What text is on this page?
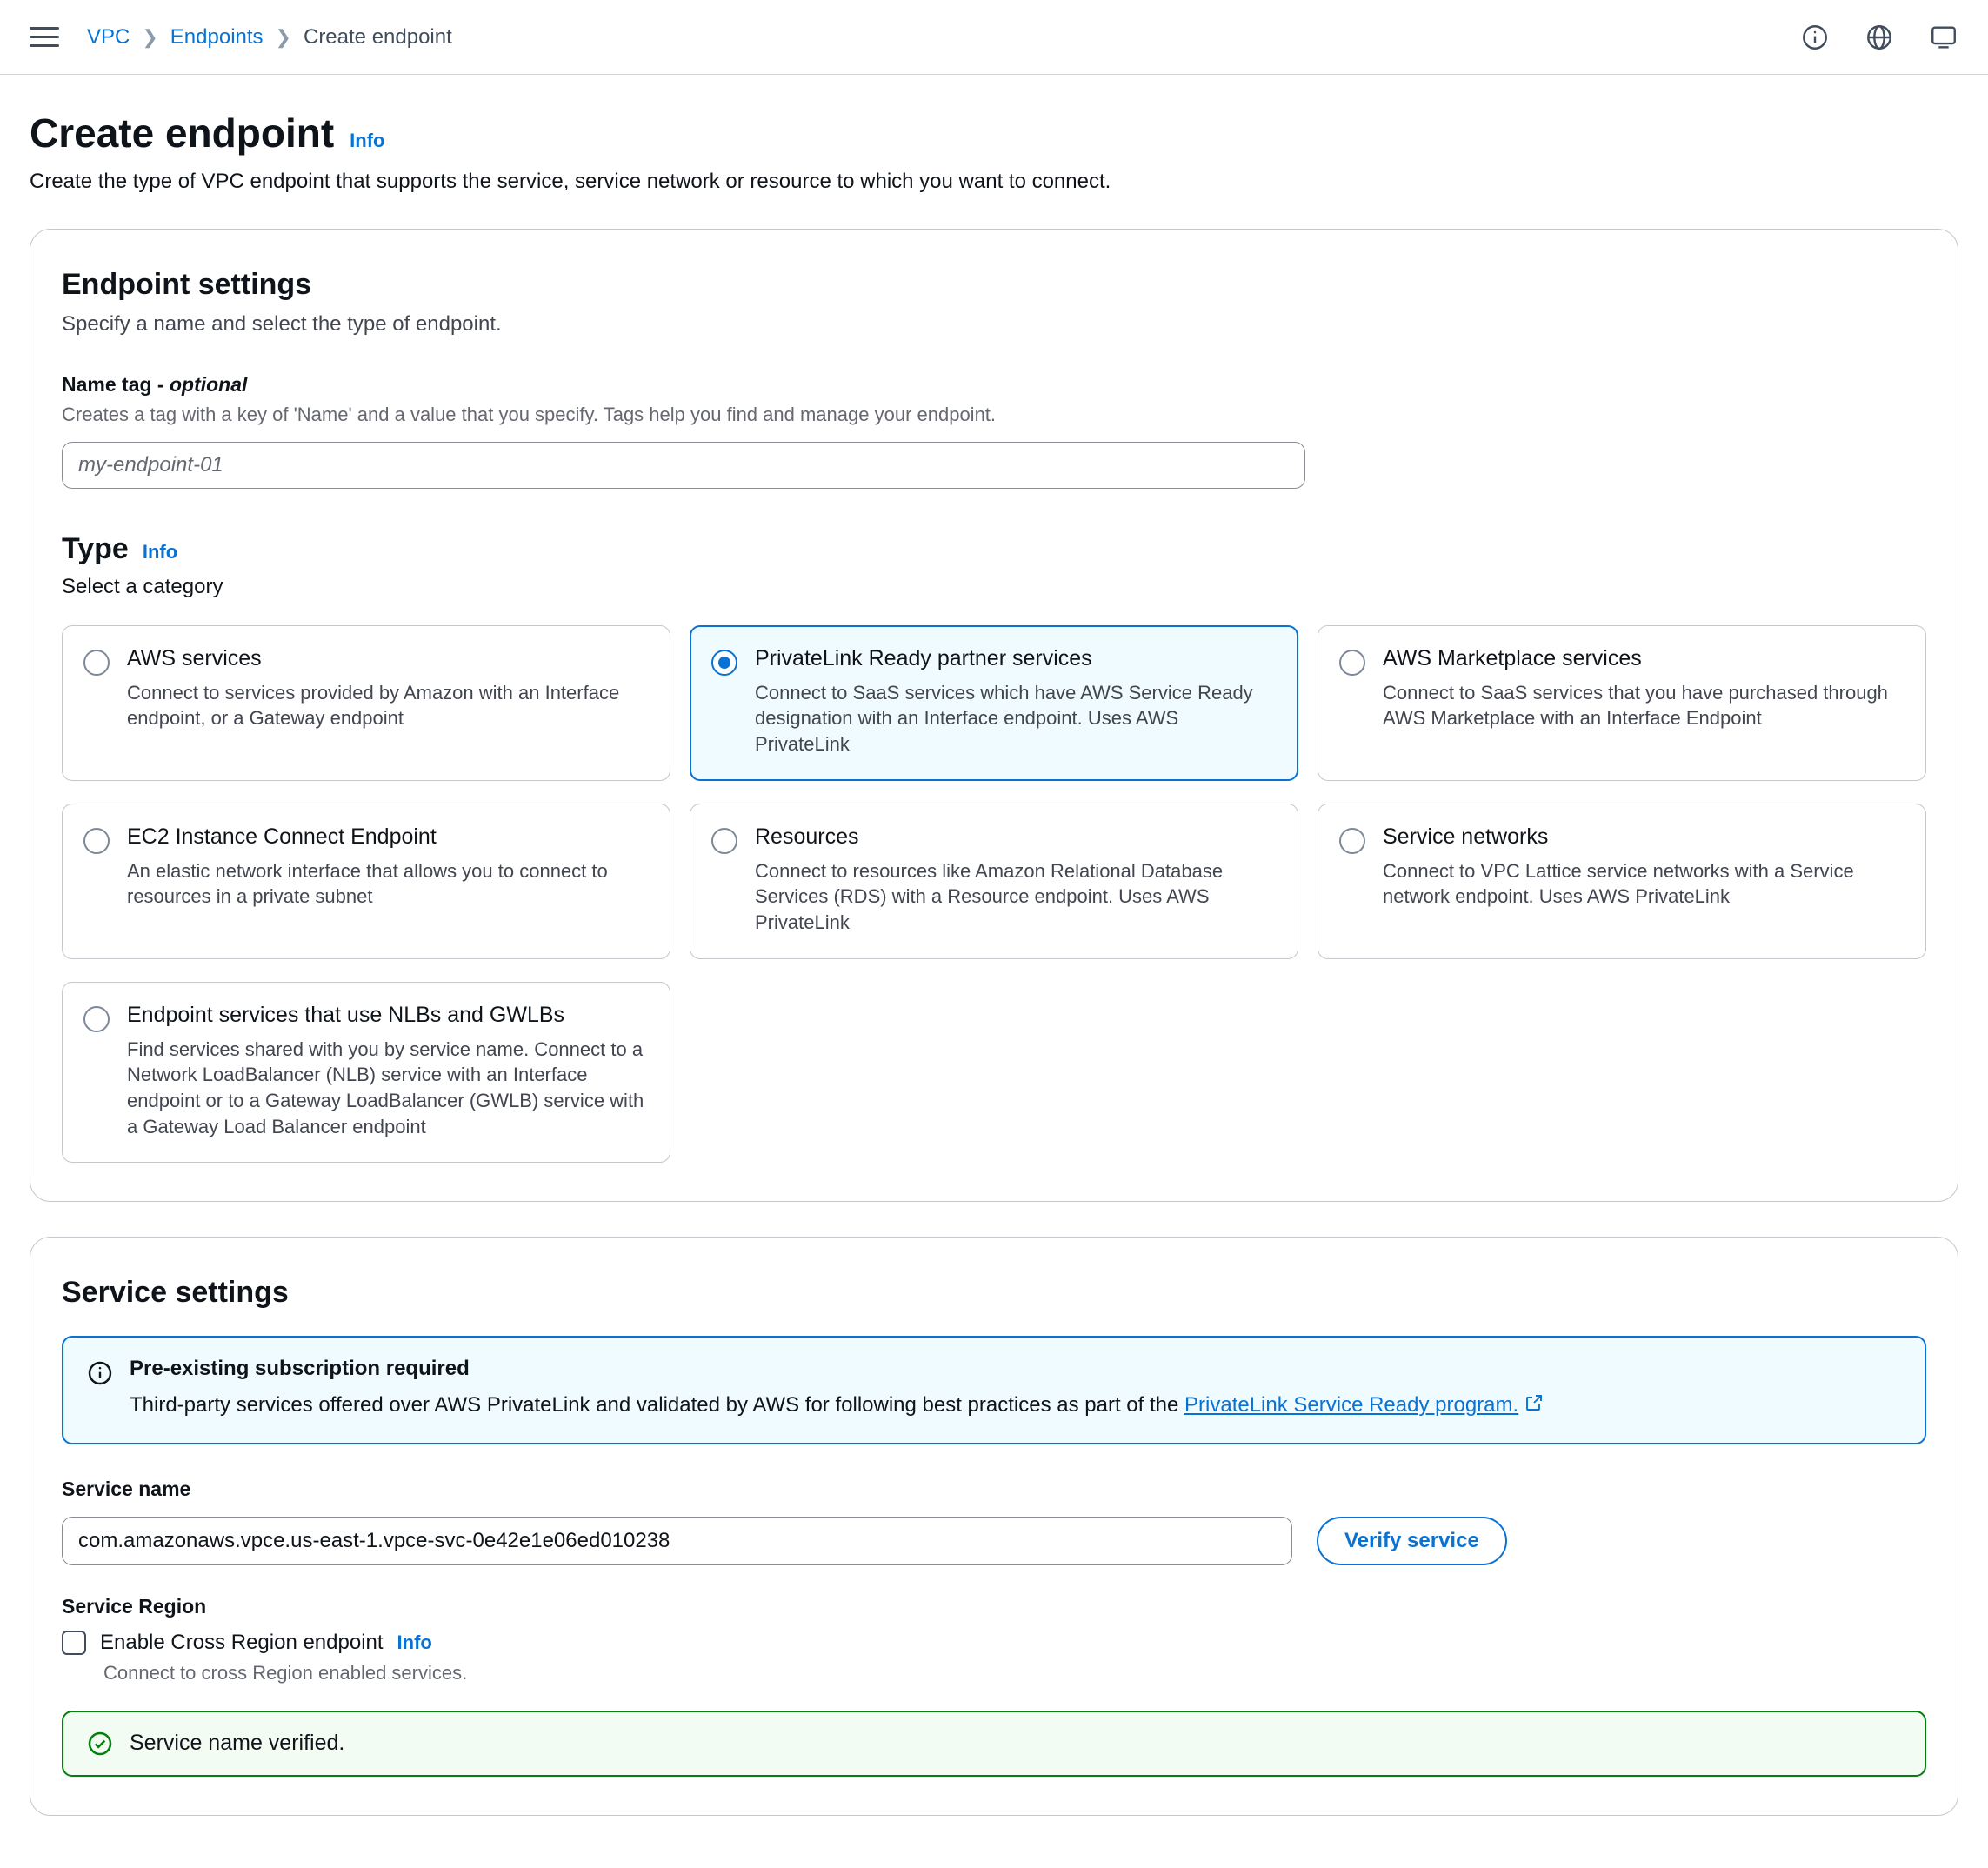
VPC ❯ Endpoints ❯ Create endpoint
Create endpoint Info
Create the type of VPC endpoint that supports the service, service network or resource to which you want to connect.
Endpoint settings
Specify a name and select the type of endpoint.
Name tag - optional
Creates a tag with a key of 'Name' and a value that you specify. Tags help you find and manage your endpoint.
my-endpoint-01
Type Info
Select a category
AWS services
Connect to services provided by Amazon with an Interface endpoint, or a Gateway endpoint
PrivateLink Ready partner services
Connect to SaaS services which have AWS Service Ready designation with an Interface endpoint. Uses AWS PrivateLink
AWS Marketplace services
Connect to SaaS services that you have purchased through AWS Marketplace with an Interface Endpoint
EC2 Instance Connect Endpoint
An elastic network interface that allows you to connect to resources in a private subnet
Resources
Connect to resources like Amazon Relational Database Services (RDS) with a Resource endpoint. Uses AWS PrivateLink
Service networks
Connect to VPC Lattice service networks with a Service network endpoint. Uses AWS PrivateLink
Endpoint services that use NLBs and GWLBs
Find services shared with you by service name. Connect to a Network LoadBalancer (NLB) service with an Interface endpoint or to a Gateway LoadBalancer (GWLB) service with a Gateway Load Balancer endpoint
Service settings
Pre-existing subscription required
Third-party services offered over AWS PrivateLink and validated by AWS for following best practices as part of the PrivateLink Service Ready program.
Service name
com.amazonaws.vpce.us-east-1.vpce-svc-0e42e1e06ed010238
Verify service
Service Region
Enable Cross Region endpoint Info
Connect to cross Region enabled services.
Service name verified.
